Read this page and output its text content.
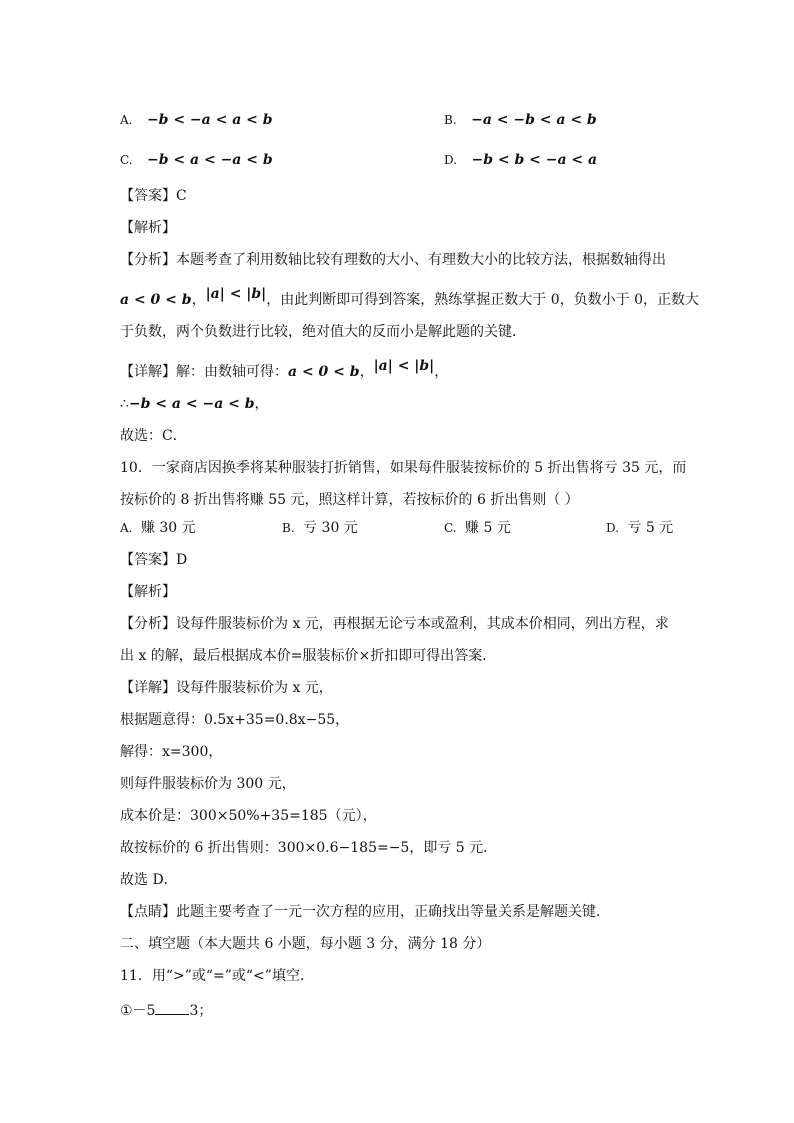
A. −b < −a < a < b	B. −a < −b < a < b
C. −b < a < −a < b	D. −b < b < −a < a
【答案】C
【解析】
【分析】本题考查了利用数轴比较有理数的大小、有理数大小的比较方法，根据数轴得出
a < 0 < b，|a| < |b|，由此判断即可得到答案，熟练掌握正数大于 0，负数小于 0，正数大
于负数，两个负数进行比较，绝对值大的反而小是解此题的关键．
【详解】解：由数轴可得：a < 0 < b，|a| < |b|，
∴−b < a < −a < b，
故选：C．
10．一家商店因换季将某种服装打折销售，如果每件服装按标价的 5 折出售将亏 35 元，而
按标价的 8 折出售将赚 55 元，照这样计算，若按标价的 6 折出售则（ ）
A. 赚 30 元	B. 亏 30 元	C. 赚 5 元	D. 亏 5 元
【答案】D
【解析】
【分析】设每件服装标价为 x 元，再根据无论亏本或盈利，其成本价相同，列出方程，求
出 x 的解，最后根据成本价=服装标价×折扣即可得出答案．
【详解】设每件服装标价为 x 元，
根据题意得：0.5x+35=0.8x−55，
解得：x=300，
则每件服装标价为 300 元，
成本价是：300×50%+35=185（元），
故按标价的 6 折出售则：300×0.6−185=−5，即亏 5 元．
故选 D．
【点睛】此题主要考查了一元一次方程的应用，正确找出等量关系是解题关键．
二、填空题（本大题共 6 小题，每小题 3 分，满分 18 分）
11．用“>”或“=”或“<”填空．
①－5 3；
